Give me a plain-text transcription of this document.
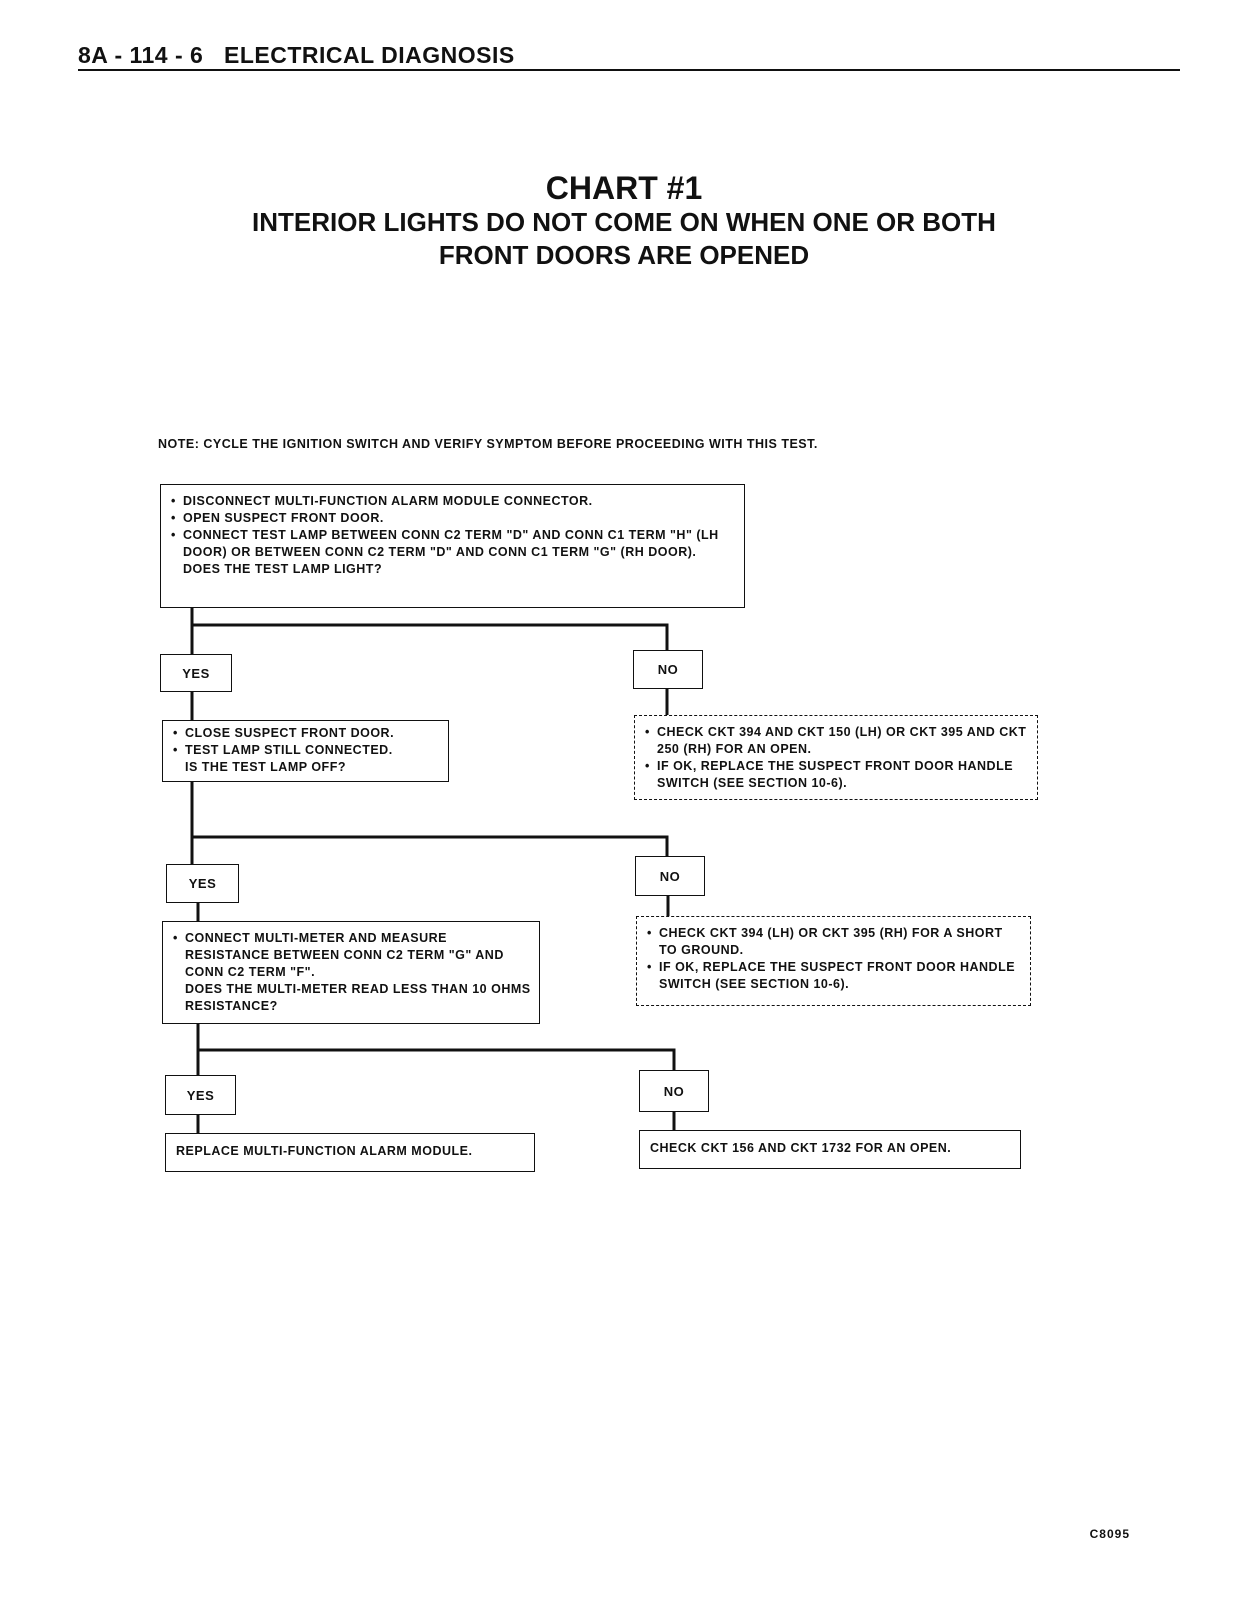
8A - 114 - 6 ELECTRICAL DIAGNOSIS
CHART #1
INTERIOR LIGHTS DO NOT COME ON WHEN ONE OR BOTH
FRONT DOORS ARE OPENED
NOTE: CYCLE THE IGNITION SWITCH AND VERIFY SYMPTOM BEFORE PROCEEDING WITH THIS TEST.
• DISCONNECT MULTI-FUNCTION ALARM MODULE CONNECTOR.
• OPEN SUSPECT FRONT DOOR.
• CONNECT TEST LAMP BETWEEN CONN C2 TERM "D" AND CONN C1 TERM "H" (LH DOOR) OR BETWEEN CONN C2 TERM "D" AND CONN C1 TERM "G" (RH DOOR).
DOES THE TEST LAMP LIGHT?
YES	NO
• CLOSE SUSPECT FRONT DOOR.
• TEST LAMP STILL CONNECTED.
IS THE TEST LAMP OFF?
• CHECK CKT 394 AND CKT 150 (LH) OR CKT 395 AND CKT 250 (RH) FOR AN OPEN.
• IF OK, REPLACE THE SUSPECT FRONT DOOR HANDLE SWITCH (SEE SECTION 10-6).
YES	NO
• CONNECT MULTI-METER AND MEASURE RESISTANCE BETWEEN CONN C2 TERM "G" AND CONN C2 TERM "F".
DOES THE MULTI-METER READ LESS THAN 10 OHMS RESISTANCE?
• CHECK CKT 394 (LH) OR CKT 395 (RH) FOR A SHORT TO GROUND.
• IF OK, REPLACE THE SUSPECT FRONT DOOR HANDLE SWITCH (SEE SECTION 10-6).
YES	NO
REPLACE MULTI-FUNCTION ALARM MODULE.	CHECK CKT 156 AND CKT 1732 FOR AN OPEN.
C8095
